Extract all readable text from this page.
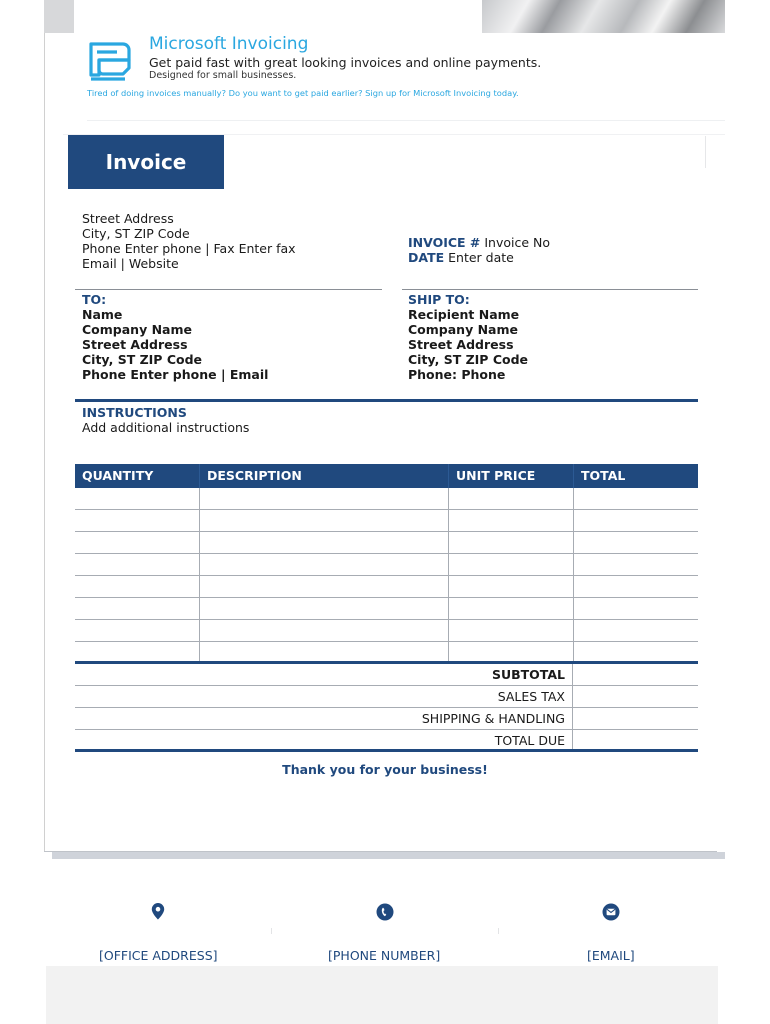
Microsoft Invoicing
Get paid fast with great looking invoices and online payments.
Designed for small businesses.
Tired of doing invoices manually? Do you want to get paid earlier? Sign up for Microsoft Invoicing today.
Invoice
Street Address
City, ST ZIP Code
Phone Enter phone | Fax Enter fax
Email | Website
INVOICE # Invoice No
DATE Enter date
TO:
Name
Company Name
Street Address
City, ST ZIP Code
Phone Enter phone | Email
SHIP TO:
Recipient Name
Company Name
Street Address
City, ST ZIP Code
Phone: Phone
INSTRUCTIONS
Add additional instructions
QUANTITY	DESCRIPTION	UNIT PRICE	TOTAL
SUBTOTAL
SALES TAX
SHIPPING & HANDLING
TOTAL DUE
Thank you for your business!
[OFFICE ADDRESS]	[PHONE NUMBER]	[EMAIL]
